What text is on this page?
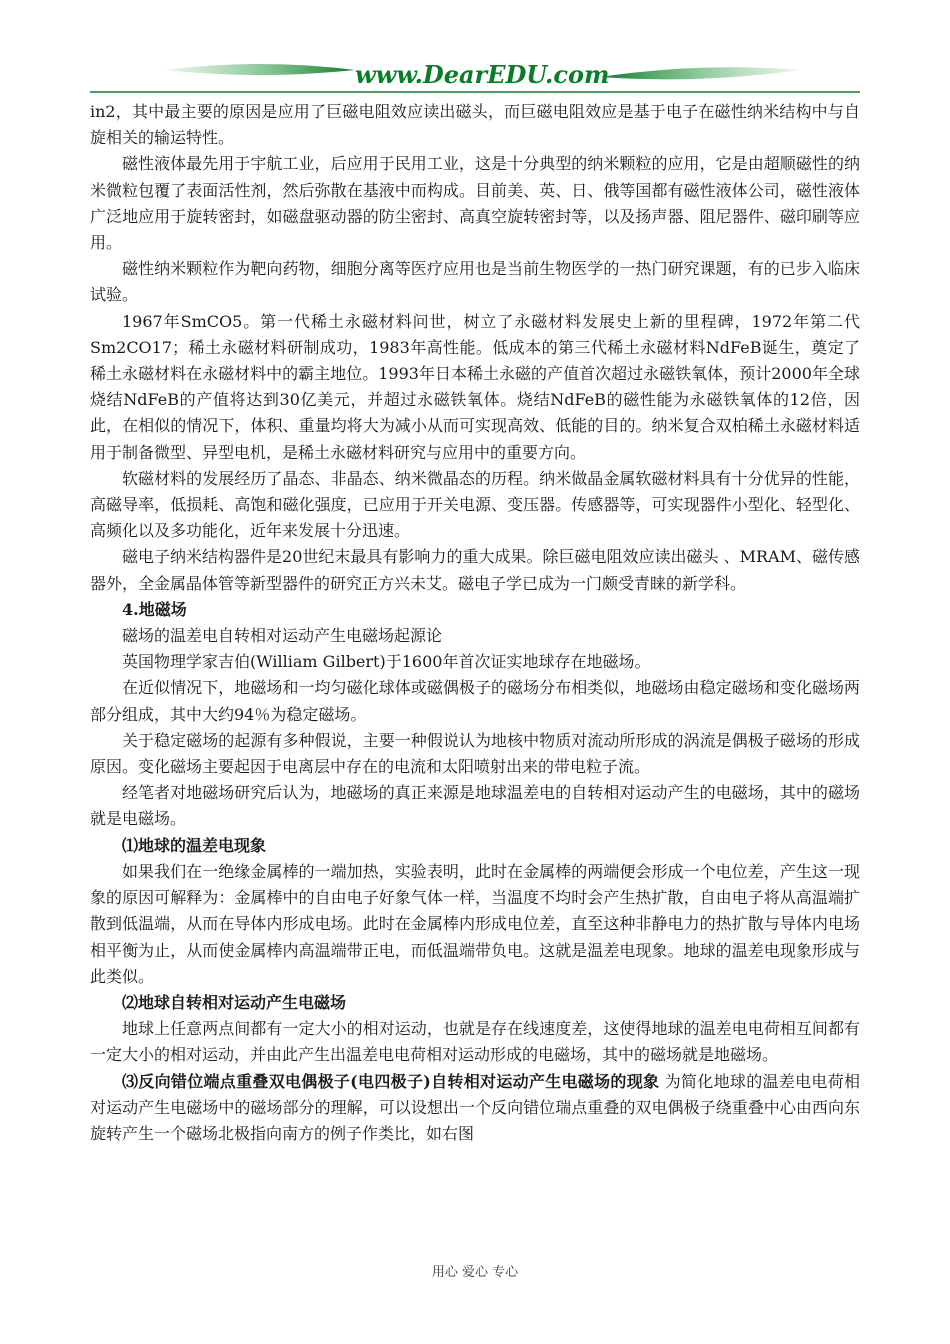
www.DearEDU.com

in2，其中最主要的原因是应用了巨磁电阻效应读出磁头，而巨磁电阻效应是基于电子在磁性纳米结构中与自旋相关的输运特性。

磁性液体最先用于宇航工业，后应用于民用工业，这是十分典型的纳米颗粒的应用，它是由超顺磁性的纳米微粒包覆了表面活性剂，然后弥散在基液中而构成。目前美、英、日、俄等国都有磁性液体公司，磁性液体广泛地应用于旋转密封，如磁盘驱动器的防尘密封、高真空旋转密封等，以及扬声器、阻尼器件、磁印刷等应用。

磁性纳米颗粒作为靶向药物，细胞分离等医疗应用也是当前生物医学的一热门研究课题，有的已步入临床试验。

1967年SmCO5。第一代稀土永磁材料问世，树立了永磁材料发展史上新的里程碑，1972年第二代Sm2CO17；稀土永磁材料研制成功，1983年高性能。低成本的第三代稀土永磁材料NdFeB诞生，奠定了稀土永磁材料在永磁材料中的霸主地位。1993年日本稀土永磁的产值首次超过永磁铁氧体，预计2000年全球烧结NdFeB的产值将达到30亿美元，并超过永磁铁氧体。烧结NdFeB的磁性能为永磁铁氧体的12倍，因此，在相似的情况下，体积、重量均将大为减小从而可实现高效、低能的目的。纳米复合双柏稀土永磁材料适用于制备微型、异型电机，是稀土永磁材料研究与应用中的重要方向。

软磁材料的发展经历了晶态、非晶态、纳米微晶态的历程。纳米做晶金属软磁材料具有十分优异的性能，高磁导率，低损耗、高饱和磁化强度，已应用于开关电源、变压器。传感器等，可实现器件小型化、轻型化、高频化以及多功能化，近年来发展十分迅速。

磁电子纳米结构器件是20世纪末最具有影响力的重大成果。除巨磁电阻效应读出磁头 、MRAM、磁传感器外，全金属晶体管等新型器件的研究正方兴未艾。磁电子学已成为一门颇受青睐的新学科。

4.地磁场

磁场的温差电自转相对运动产生电磁场起源论

英国物理学家吉伯(William Gilbert)于1600年首次证实地球存在地磁场。

在近似情况下，地磁场和一均匀磁化球体或磁偶极子的磁场分布相类似，地磁场由稳定磁场和变化磁场两部分组成，其中大约94％为稳定磁场。

关于稳定磁场的起源有多种假说，主要一种假说认为地核中物质对流动所形成的涡流是偶极子磁场的形成原因。变化磁场主要起因于电离层中存在的电流和太阳喷射出来的带电粒子流。

经笔者对地磁场研究后认为，地磁场的真正来源是地球温差电的自转相对运动产生的电磁场，其中的磁场就是电磁场。

⑴地球的温差电现象

如果我们在一绝缘金属棒的一端加热，实验表明，此时在金属棒的两端便会形成一个电位差，产生这一现象的原因可解释为：金属棒中的自由电子好象气体一样，当温度不均时会产生热扩散，自由电子将从高温端扩散到低温端，从而在导体内形成电场。此时在金属棒内形成电位差，直至这种非静电力的热扩散与导体内电场相平衡为止，从而使金属棒内高温端带正电，而低温端带负电。这就是温差电现象。地球的温差电现象形成与此类似。

⑵地球自转相对运动产生电磁场

地球上任意两点间都有一定大小的相对运动，也就是存在线速度差，这使得地球的温差电电荷相互间都有一定大小的相对运动，并由此产生出温差电电荷相对运动形成的电磁场，其中的磁场就是地磁场。

⑶反向错位端点重叠双电偶极子(电四极子)自转相对运动产生电磁场的现象 为简化地球的温差电电荷相对运动产生电磁场中的磁场部分的理解，可以设想出一个反向错位瑞点重叠的双电偶极子绕重叠中心由西向东旋转产生一个磁场北极指向南方的例子作类比，如右图

用心 爱心 专心
